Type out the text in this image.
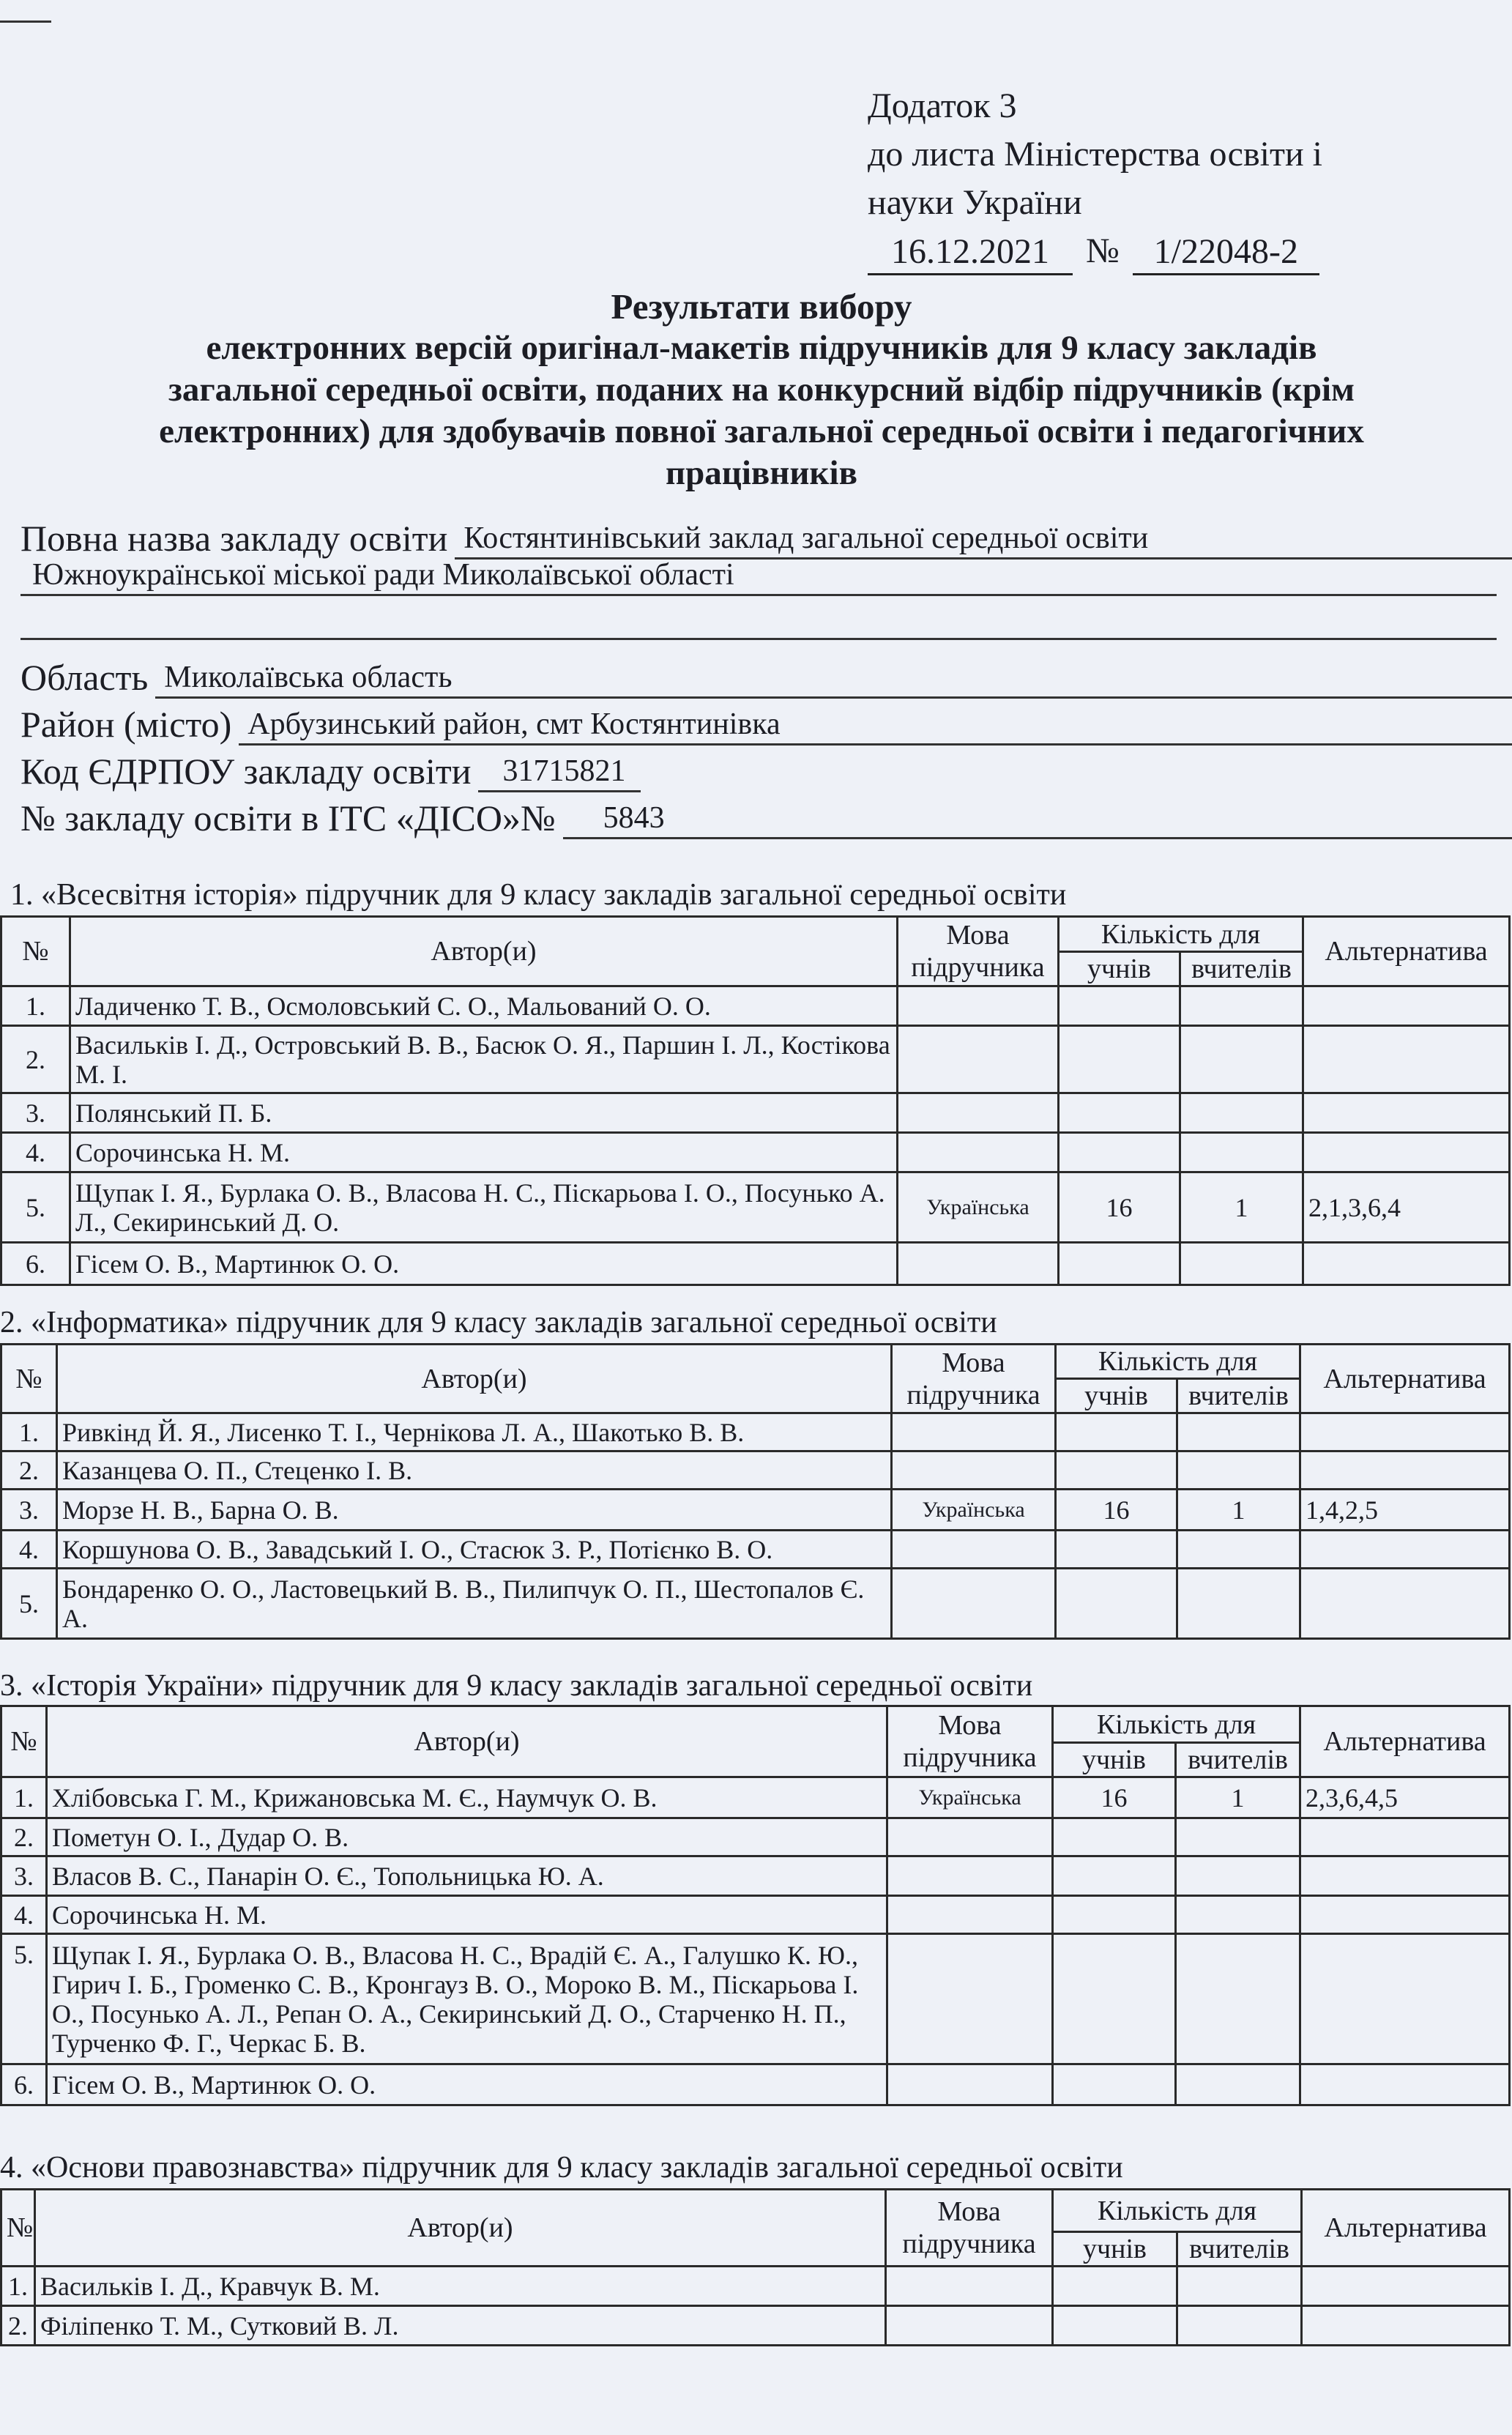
Додаток 3
до листа Міністерства освіти і
науки України
16.12.2021	№ 1/22048-2
Результати вибору
електронних версій оригінал-макетів підручників для 9 класу закладів
загальної середньої освіти, поданих на конкурсний відбір підручників (крім
електронних) для здобувачів повної загальної середньої освіти і педагогічних
працівників
Повна назва закладу освіти Костянтинівський заклад загальної середньої освіти
Южноукраїнської міської ради Миколаївської області
Область Миколаївська область
Район (місто) Арбузинський район, смт Костянтинівка
Код ЄДРПОУ закладу освіти	31715821
№ закладу освіти в ІТС «ДІСО»№	5843
1. «Всесвітня історія» підручник для 9 класу закладів загальної середньої освіти
№	Автор(и)	Мова підручника	Кількість для		Альтернатива
			учнів	вчителів	
1.	Ладиченко Т. В., Осмоловський С. О., Мальований О. О.				
2.	Васильків І. Д., Островський В. В., Басюк О. Я., Паршин І. Л., Костікова М. І.				
3.	Полянський П. Б.				
4.	Сорочинська Н. М.				
5.	Щупак І. Я., Бурлака О. В., Власова Н. С., Піскарьова І. О., Посунько А. Л., Секиринський Д. О.	Українська	16	1	2,1,3,6,4
6.	Гісем О. В., Мартинюк О. О.				
2. «Інформатика» підручник для 9 класу закладів загальної середньої освіти
№	Автор(и)	Мова підручника	Кількість для		Альтернатива
			учнів	вчителів	
1.	Ривкінд Й. Я., Лисенко Т. І., Чернікова Л. А., Шакотько В. В.				
2.	Казанцева О. П., Стеценко І. В.				
3.	Морзе Н. В., Барна О. В.	Українська	16	1	1,4,2,5
4.	Коршунова О. В., Завадський І. О., Стасюк З. Р., Потієнко В. О.				
5.	Бондаренко О. О., Ластовецький В. В., Пилипчук О. П., Шестопалов Є. А.				
3. «Історія України» підручник для 9 класу закладів загальної середньої освіти
№	Автор(и)	Мова підручника	Кількість для		Альтернатива
			учнів	вчителів	
1.	Хлібовська Г. М., Крижановська М. Є., Наумчук О. В.	Українська	16	1	2,3,6,4,5
2.	Пометун О. І., Дудар О. В.				
3.	Власов В. С., Панарін О. Є., Топольницька Ю. А.				
4.	Сорочинська Н. М.				
5.	Щупак І. Я., Бурлака О. В., Власова Н. С., Врадій Є. А., Галушко К. Ю., Гирич І. Б., Громенко С. В., Кронгауз В. О., Мороко В. М., Піскарьова І. О., Посунько А. Л., Репан О. А., Секиринський Д. О., Старченко Н. П., Турченко Ф. Г., Черкас Б. В.				
6.	Гісем О. В., Мартинюк О. О.				
4. «Основи правознавства» підручник для 9 класу закладів загальної середньої освіти
№	Автор(и)	Мова підручника	Кількість для		Альтернатива
			учнів	вчителів	
1.	Васильків І. Д., Кравчук В. М.				
2.	Філіпенко Т. М., Сутковий В. Л.				
